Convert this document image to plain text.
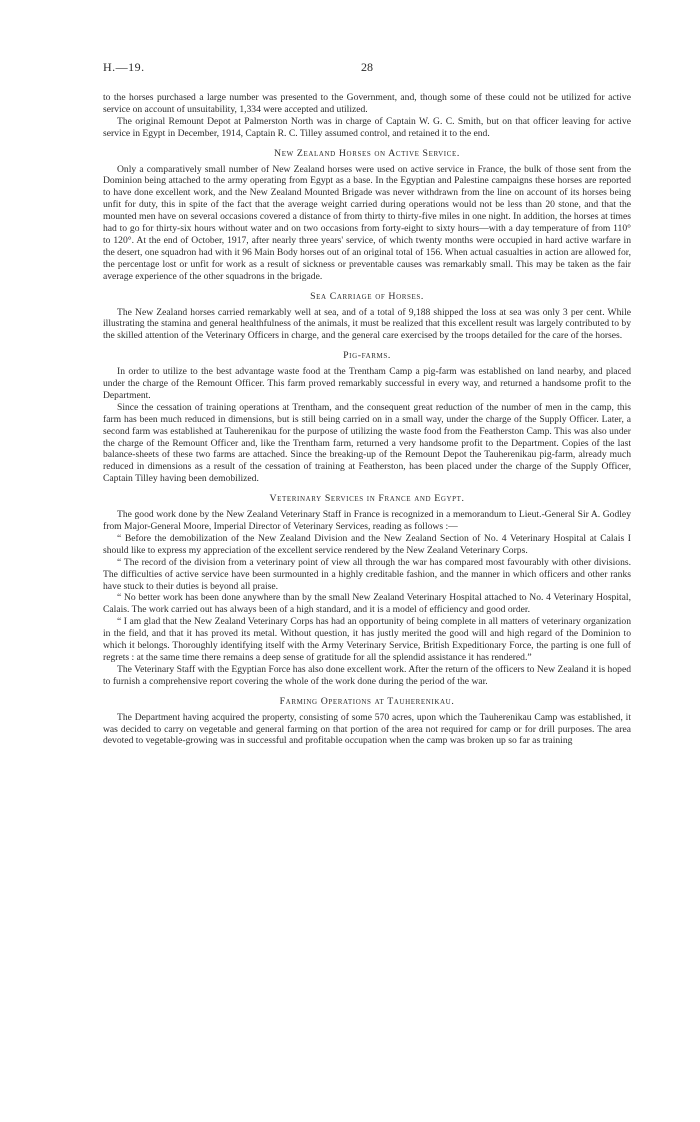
H.—19.	28

to the horses purchased a large number was presented to the Government, and, though some of these could not be utilized for active service on account of unsuitability, 1,334 were accepted and utilized.

The original Remount Depot at Palmerston North was in charge of Captain W. G. C. Smith, but on that officer leaving for active service in Egypt in December, 1914, Captain R. C. Tilley assumed control, and retained it to the end.

New Zealand Horses on Active Service.

Only a comparatively small number of New Zealand horses were used on active service in France, the bulk of those sent from the Dominion being attached to the army operating from Egypt as a base. In the Egyptian and Palestine campaigns these horses are reported to have done excellent work, and the New Zealand Mounted Brigade was never withdrawn from the line on account of its horses being unfit for duty, this in spite of the fact that the average weight carried during operations would not be less than 20 stone, and that the mounted men have on several occasions covered a distance of from thirty to thirty-five miles in one night. In addition, the horses at times had to go for thirty-six hours without water and on two occasions from forty-eight to sixty hours—with a day temperature of from 110° to 120°. At the end of October, 1917, after nearly three years' service, of which twenty months were occupied in hard active warfare in the desert, one squadron had with it 96 Main Body horses out of an original total of 156. When actual casualties in action are allowed for, the percentage lost or unfit for work as a result of sickness or preventable causes was remarkably small. This may be taken as the fair average experience of the other squadrons in the brigade.

Sea Carriage of Horses.

The New Zealand horses carried remarkably well at sea, and of a total of 9,188 shipped the loss at sea was only 3 per cent. While illustrating the stamina and general healthfulness of the animals, it must be realized that this excellent result was largely contributed to by the skilled attention of the Veterinary Officers in charge, and the general care exercised by the troops detailed for the care of the horses.

Pig-farms.

In order to utilize to the best advantage waste food at the Trentham Camp a pig-farm was established on land nearby, and placed under the charge of the Remount Officer. This farm proved remarkably successful in every way, and returned a handsome profit to the Department.

Since the cessation of training operations at Trentham, and the consequent great reduction of the number of men in the camp, this farm has been much reduced in dimensions, but is still being carried on in a small way, under the charge of the Supply Officer. Later, a second farm was established at Tauherenikau for the purpose of utilizing the waste food from the Featherston Camp. This was also under the charge of the Remount Officer and, like the Trentham farm, returned a very handsome profit to the Department. Copies of the last balance-sheets of these two farms are attached. Since the breaking-up of the Remount Depot the Tauherenikau pig-farm, already much reduced in dimensions as a result of the cessation of training at Featherston, has been placed under the charge of the Supply Officer, Captain Tilley having been demobilized.

Veterinary Services in France and Egypt.

The good work done by the New Zealand Veterinary Staff in France is recognized in a memorandum to Lieut.-General Sir A. Godley from Major-General Moore, Imperial Director of Veterinary Services, reading as follows :—

“ Before the demobilization of the New Zealand Division and the New Zealand Section of No. 4 Veterinary Hospital at Calais I should like to express my appreciation of the excellent service rendered by the New Zealand Veterinary Corps.

“ The record of the division from a veterinary point of view all through the war has compared most favourably with other divisions. The difficulties of active service have been surmounted in a highly creditable fashion, and the manner in which officers and other ranks have stuck to their duties is beyond all praise.

“ No better work has been done anywhere than by the small New Zealand Veterinary Hospital attached to No. 4 Veterinary Hospital, Calais. The work carried out has always been of a high standard, and it is a model of efficiency and good order.

“ I am glad that the New Zealand Veterinary Corps has had an opportunity of being complete in all matters of veterinary organization in the field, and that it has proved its metal. Without question, it has justly merited the good will and high regard of the Dominion to which it belongs. Thoroughly identifying itself with the Army Veterinary Service, British Expeditionary Force, the parting is one full of regrets : at the same time there remains a deep sense of gratitude for all the splendid assistance it has rendered.”

The Veterinary Staff with the Egyptian Force has also done excellent work. After the return of the officers to New Zealand it is hoped to furnish a comprehensive report covering the whole of the work done during the period of the war.

Farming Operations at Tauherenikau.

The Department having acquired the property, consisting of some 570 acres, upon which the Tauherenikau Camp was established, it was decided to carry on vegetable and general farming on that portion of the area not required for camp or for drill purposes. The area devoted to vegetable-growing was in successful and profitable occupation when the camp was broken up so far as training
